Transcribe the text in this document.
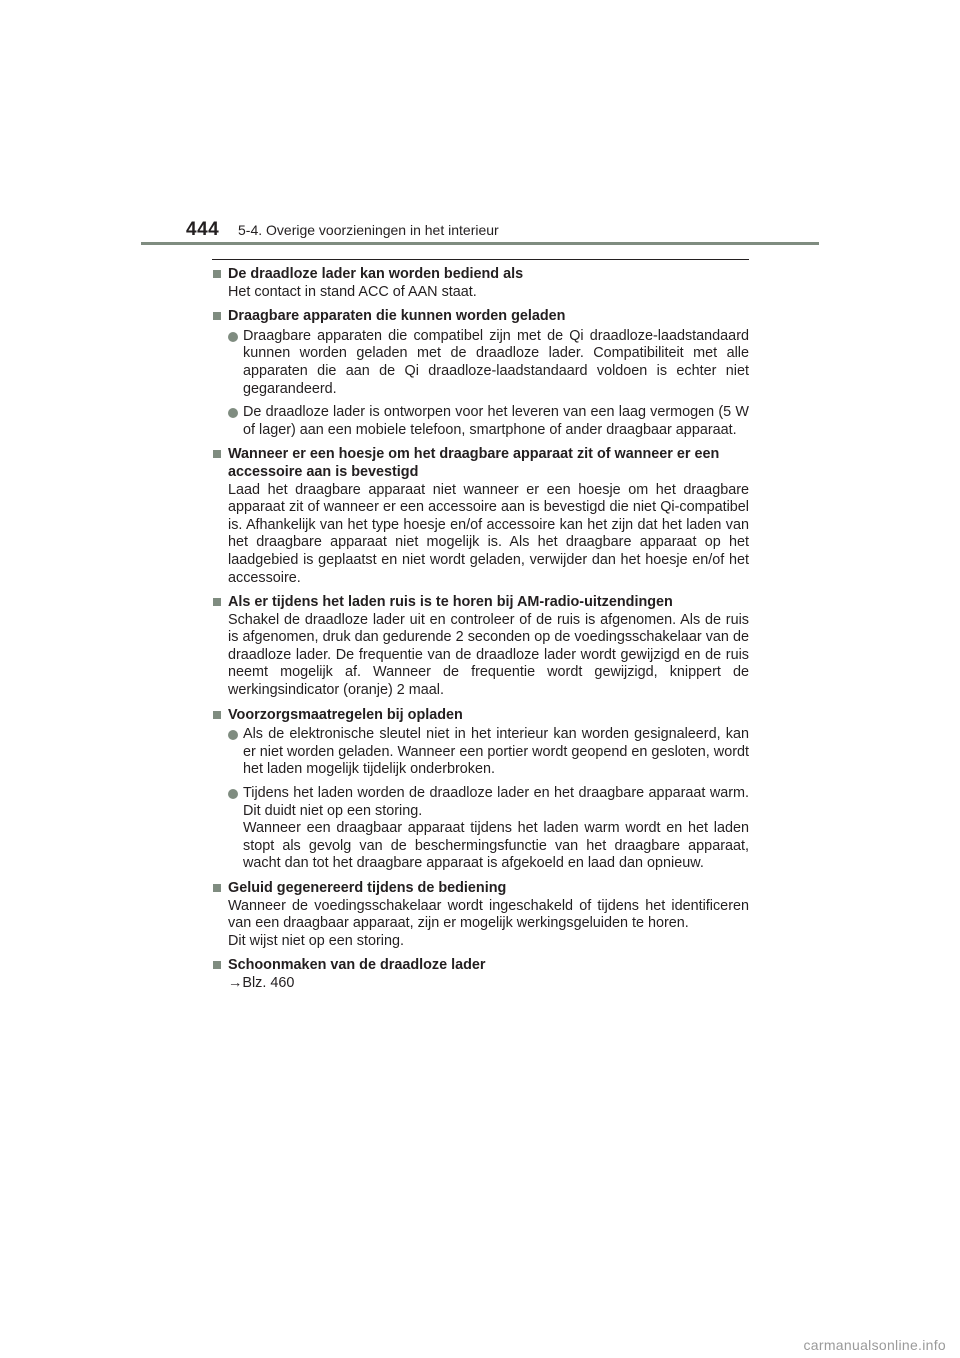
444 5-4. Overige voorzieningen in het interieur
De draadloze lader kan worden bediend als
Het contact in stand ACC of AAN staat.
Draagbare apparaten die kunnen worden geladen
Draagbare apparaten die compatibel zijn met de Qi draadloze-laadstandaard kunnen worden geladen met de draadloze lader. Compatibiliteit met alle apparaten die aan de Qi draadloze-laadstandaard voldoen is echter niet gegarandeerd.
De draadloze lader is ontworpen voor het leveren van een laag vermogen (5 W of lager) aan een mobiele telefoon, smartphone of ander draagbaar apparaat.
Wanneer er een hoesje om het draagbare apparaat zit of wanneer er een accessoire aan is bevestigd
Laad het draagbare apparaat niet wanneer er een hoesje om het draagbare apparaat zit of wanneer er een accessoire aan is bevestigd die niet Qi-compatibel is. Afhankelijk van het type hoesje en/of accessoire kan het zijn dat het laden van het draagbare apparaat niet mogelijk is. Als het draagbare apparaat op het laadgebied is geplaatst en niet wordt geladen, verwijder dan het hoesje en/of het accessoire.
Als er tijdens het laden ruis is te horen bij AM-radio-uitzendingen
Schakel de draadloze lader uit en controleer of de ruis is afgenomen. Als de ruis is afgenomen, druk dan gedurende 2 seconden op de voedingsschakelaar van de draadloze lader. De frequentie van de draadloze lader wordt gewijzigd en de ruis neemt mogelijk af. Wanneer de frequentie wordt gewijzigd, knippert de werkingsindicator (oranje) 2 maal.
Voorzorgsmaatregelen bij opladen
Als de elektronische sleutel niet in het interieur kan worden gesignaleerd, kan er niet worden geladen. Wanneer een portier wordt geopend en gesloten, wordt het laden mogelijk tijdelijk onderbroken.
Tijdens het laden worden de draadloze lader en het draagbare apparaat warm. Dit duidt niet op een storing.
Wanneer een draagbaar apparaat tijdens het laden warm wordt en het laden stopt als gevolg van de beschermingsfunctie van het draagbare apparaat, wacht dan tot het draagbare apparaat is afgekoeld en laad dan opnieuw.
Geluid gegenereerd tijdens de bediening
Wanneer de voedingsschakelaar wordt ingeschakeld of tijdens het identificeren van een draagbaar apparaat, zijn er mogelijk werkingsgeluiden te horen.
Dit wijst niet op een storing.
Schoonmaken van de draadloze lader
→Blz. 460
carmanualsonline.info
